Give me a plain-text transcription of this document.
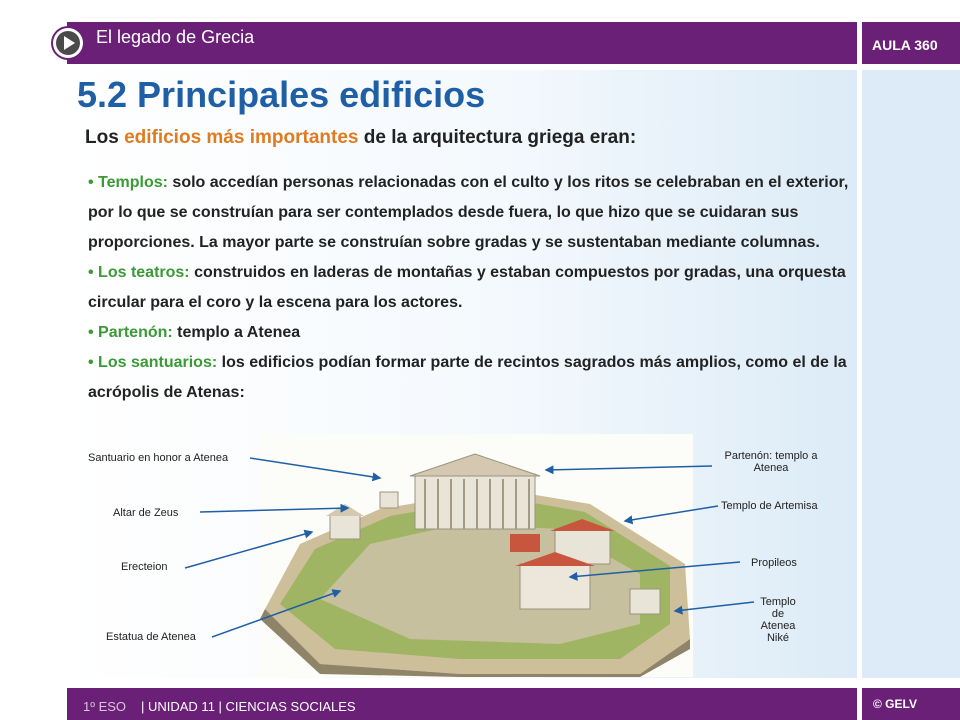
El legado de Grecia	AULA 360
5.2 Principales edificios
Los edificios más importantes de la arquitectura griega eran:

• Templos: solo accedían personas relacionadas con el culto y los ritos se celebraban en el exterior, por lo que se construían para ser contemplados desde fuera, lo que hizo que se cuidaran sus proporciones. La mayor parte se construían sobre gradas y se sustentaban mediante columnas.

• Los teatros: construidos en laderas de montañas y estaban compuestos por gradas, una orquesta circular para el coro y la escena para los actores.

• Partenón: templo a Atenea

• Los santuarios: los edificios podían formar parte de recintos sagrados más amplios, como el de la acrópolis de Atenas:

Santuario en honor a Atenea
Altar de Zeus
Erecteion
Estatua de Atenea
Partenón: templo a Atenea
Templo de Artemisa
Propileos
Templo de Atenea Niké
1º ESO | UNIDAD 11 | CIENCIAS SOCIALES	© GELV
